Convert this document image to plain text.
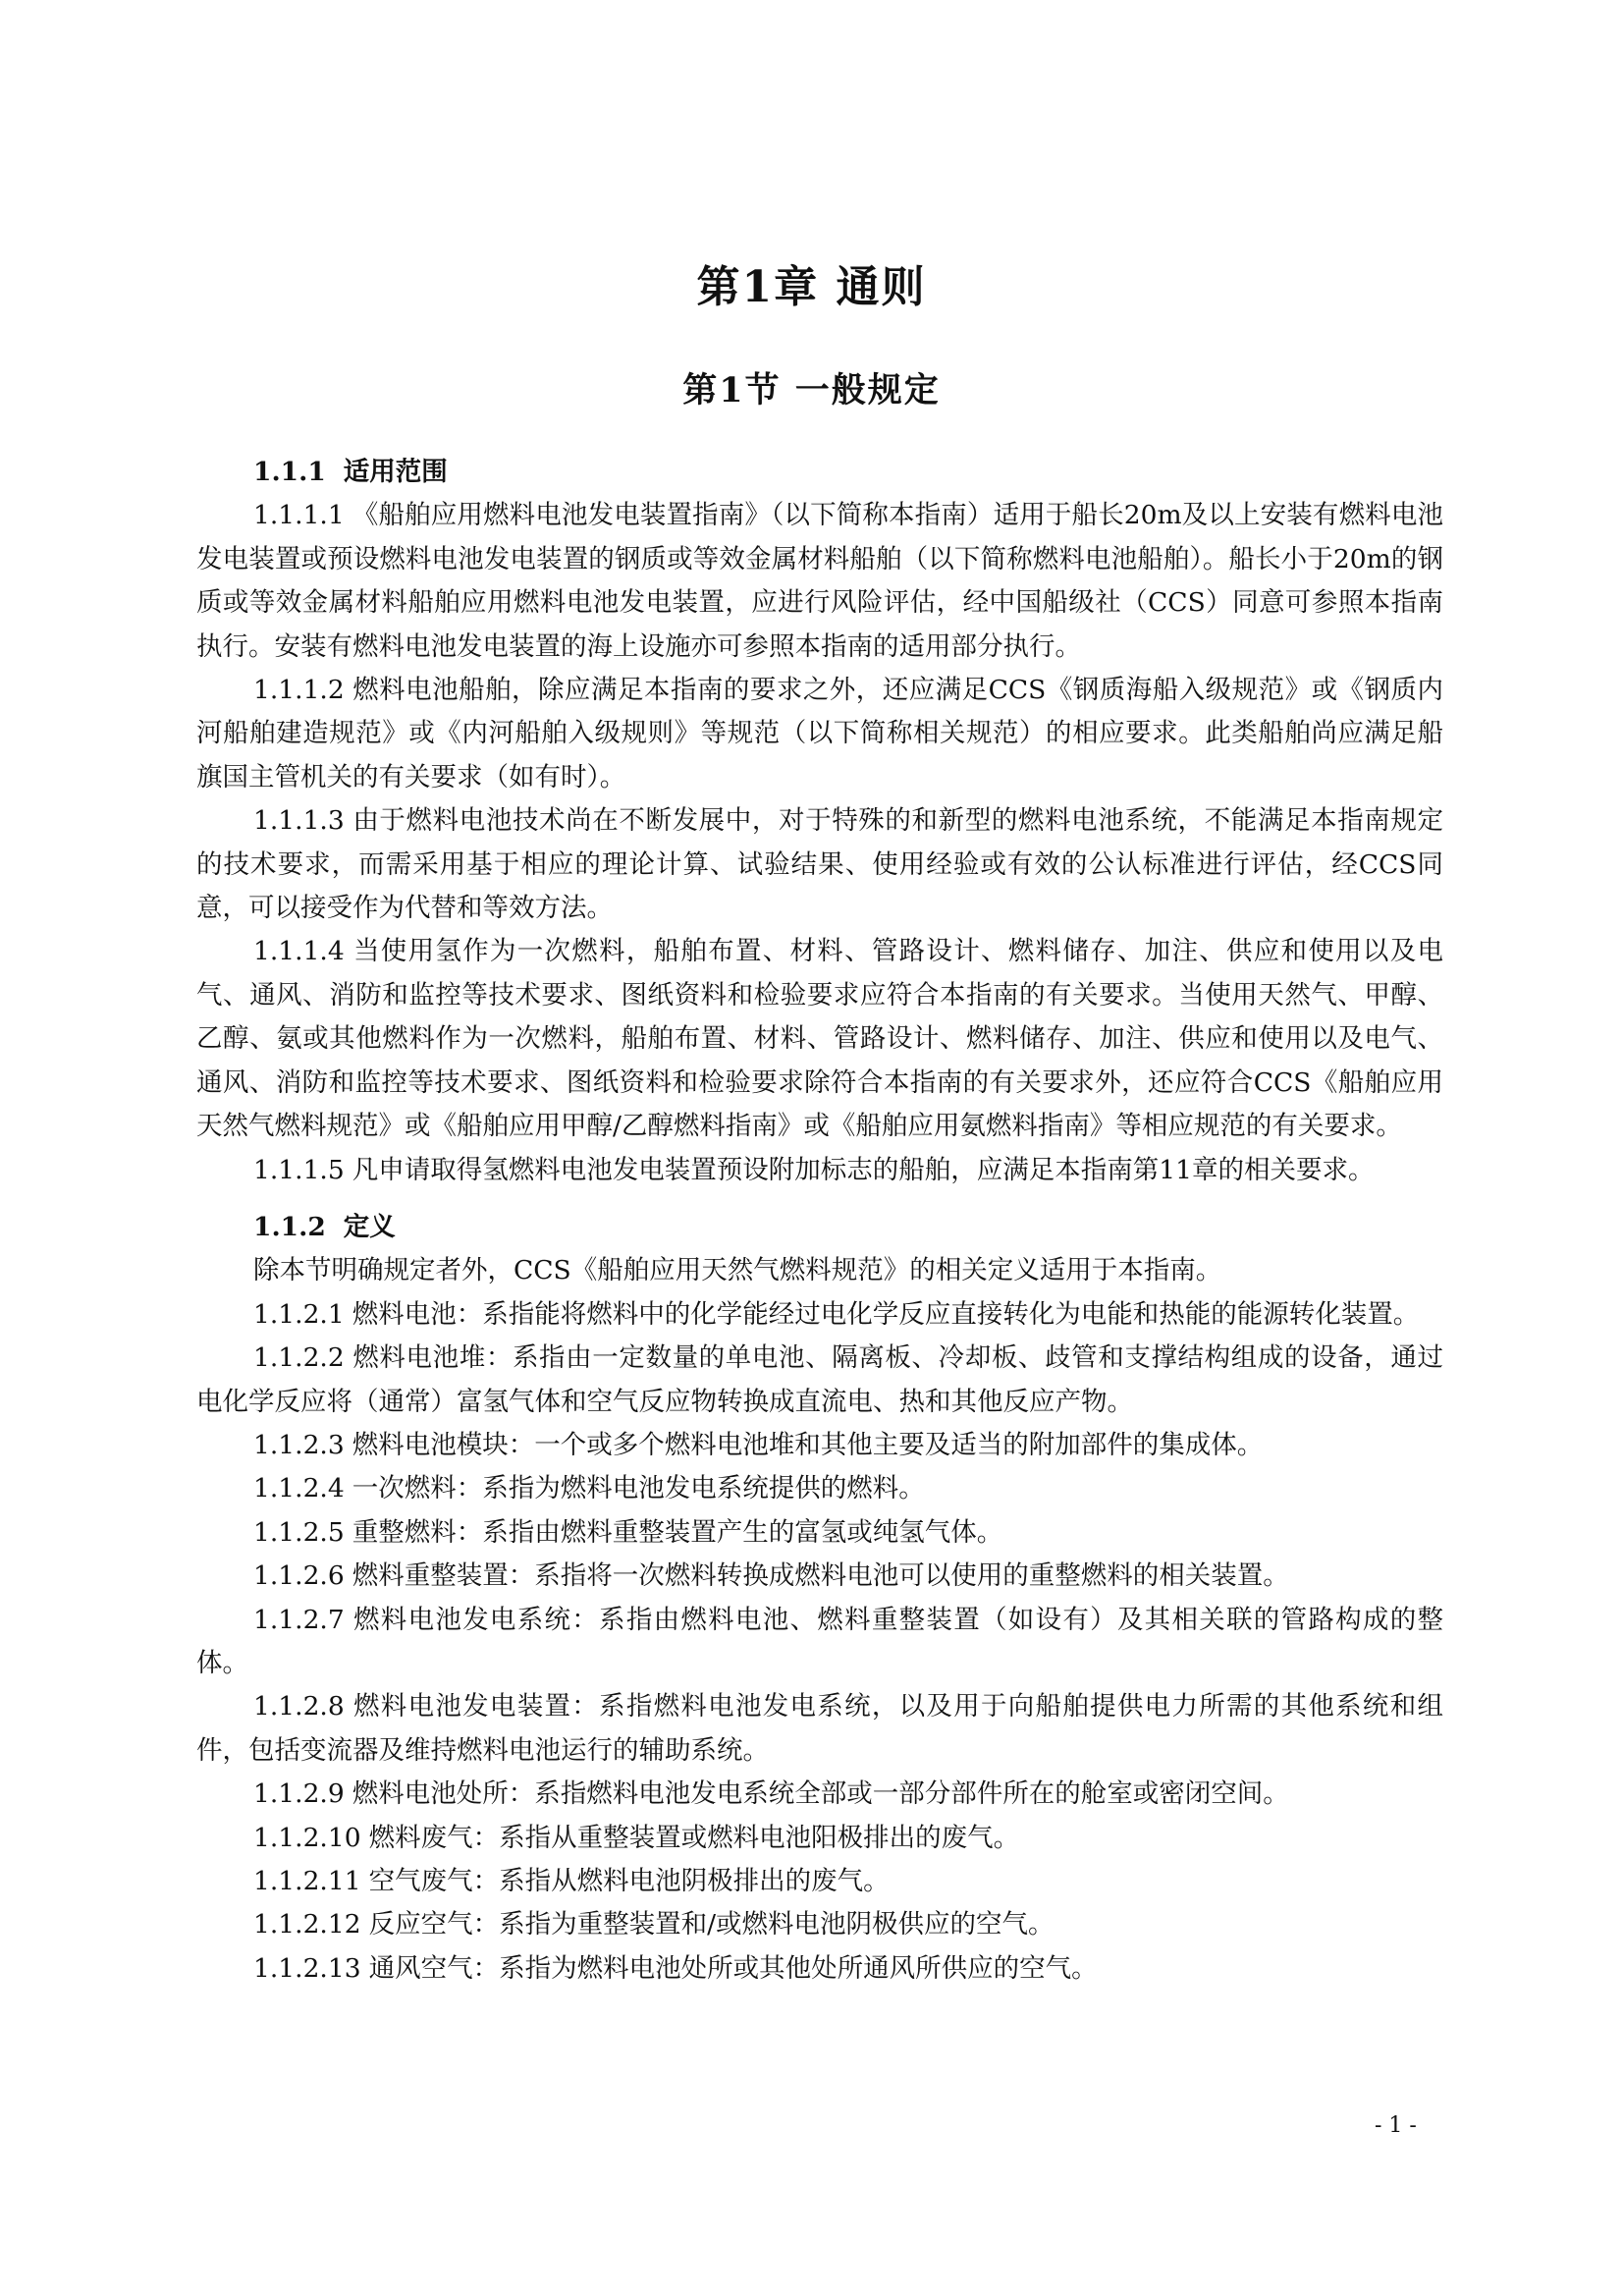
第1章 通则
第1节 一般规定
1.1.1 适用范围

1.1.1.1 《船舶应用燃料电池发电装置指南》（以下简称本指南）适用于船长20m及以上安装有燃料电池发电装置或预设燃料电池发电装置的钢质或等效金属材料船舶（以下简称燃料电池船舶）。船长小于20m的钢质或等效金属材料船舶应用燃料电池发电装置，应进行风险评估，经中国船级社（CCS）同意可参照本指南执行。安装有燃料电池发电装置的海上设施亦可参照本指南的适用部分执行。

1.1.1.2 燃料电池船舶，除应满足本指南的要求之外，还应满足CCS《钢质海船入级规范》或《钢质内河船舶建造规范》或《内河船舶入级规则》等规范（以下简称相关规范）的相应要求。此类船舶尚应满足船旗国主管机关的有关要求（如有时）。

1.1.1.3 由于燃料电池技术尚在不断发展中，对于特殊的和新型的燃料电池系统，不能满足本指南规定的技术要求，而需采用基于相应的理论计算、试验结果、使用经验或有效的公认标准进行评估，经CCS同意，可以接受作为代替和等效方法。

1.1.1.4 当使用氢作为一次燃料，船舶布置、材料、管路设计、燃料储存、加注、供应和使用以及电气、通风、消防和监控等技术要求、图纸资料和检验要求应符合本指南的有关要求。当使用天然气、甲醇、乙醇、氨或其他燃料作为一次燃料，船舶布置、材料、管路设计、燃料储存、加注、供应和使用以及电气、通风、消防和监控等技术要求、图纸资料和检验要求除符合本指南的有关要求外，还应符合CCS《船舶应用天然气燃料规范》或《船舶应用甲醇/乙醇燃料指南》或《船舶应用氨燃料指南》等相应规范的有关要求。

1.1.1.5 凡申请取得氢燃料电池发电装置预设附加标志的船舶，应满足本指南第11章的相关要求。

1.1.2 定义

除本节明确规定者外，CCS《船舶应用天然气燃料规范》的相关定义适用于本指南。

1.1.2.1 燃料电池：系指能将燃料中的化学能经过电化学反应直接转化为电能和热能的能源转化装置。

1.1.2.2 燃料电池堆：系指由一定数量的单电池、隔离板、冷却板、歧管和支撑结构组成的设备，通过电化学反应将（通常）富氢气体和空气反应物转换成直流电、热和其他反应产物。

1.1.2.3 燃料电池模块：一个或多个燃料电池堆和其他主要及适当的附加部件的集成体。

1.1.2.4 一次燃料：系指为燃料电池发电系统提供的燃料。

1.1.2.5 重整燃料：系指由燃料重整装置产生的富氢或纯氢气体。

1.1.2.6 燃料重整装置：系指将一次燃料转换成燃料电池可以使用的重整燃料的相关装置。

1.1.2.7 燃料电池发电系统：系指由燃料电池、燃料重整装置（如设有）及其相关联的管路构成的整体。

1.1.2.8 燃料电池发电装置：系指燃料电池发电系统，以及用于向船舶提供电力所需的其他系统和组件，包括变流器及维持燃料电池运行的辅助系统。

1.1.2.9 燃料电池处所：系指燃料电池发电系统全部或一部分部件所在的舱室或密闭空间。

1.1.2.10 燃料废气：系指从重整装置或燃料电池阳极排出的废气。

1.1.2.11 空气废气：系指从燃料电池阴极排出的废气。

1.1.2.12 反应空气：系指为重整装置和/或燃料电池阴极供应的空气。

1.1.2.13 通风空气：系指为燃料电池处所或其他处所通风所供应的空气。

- 1 -
